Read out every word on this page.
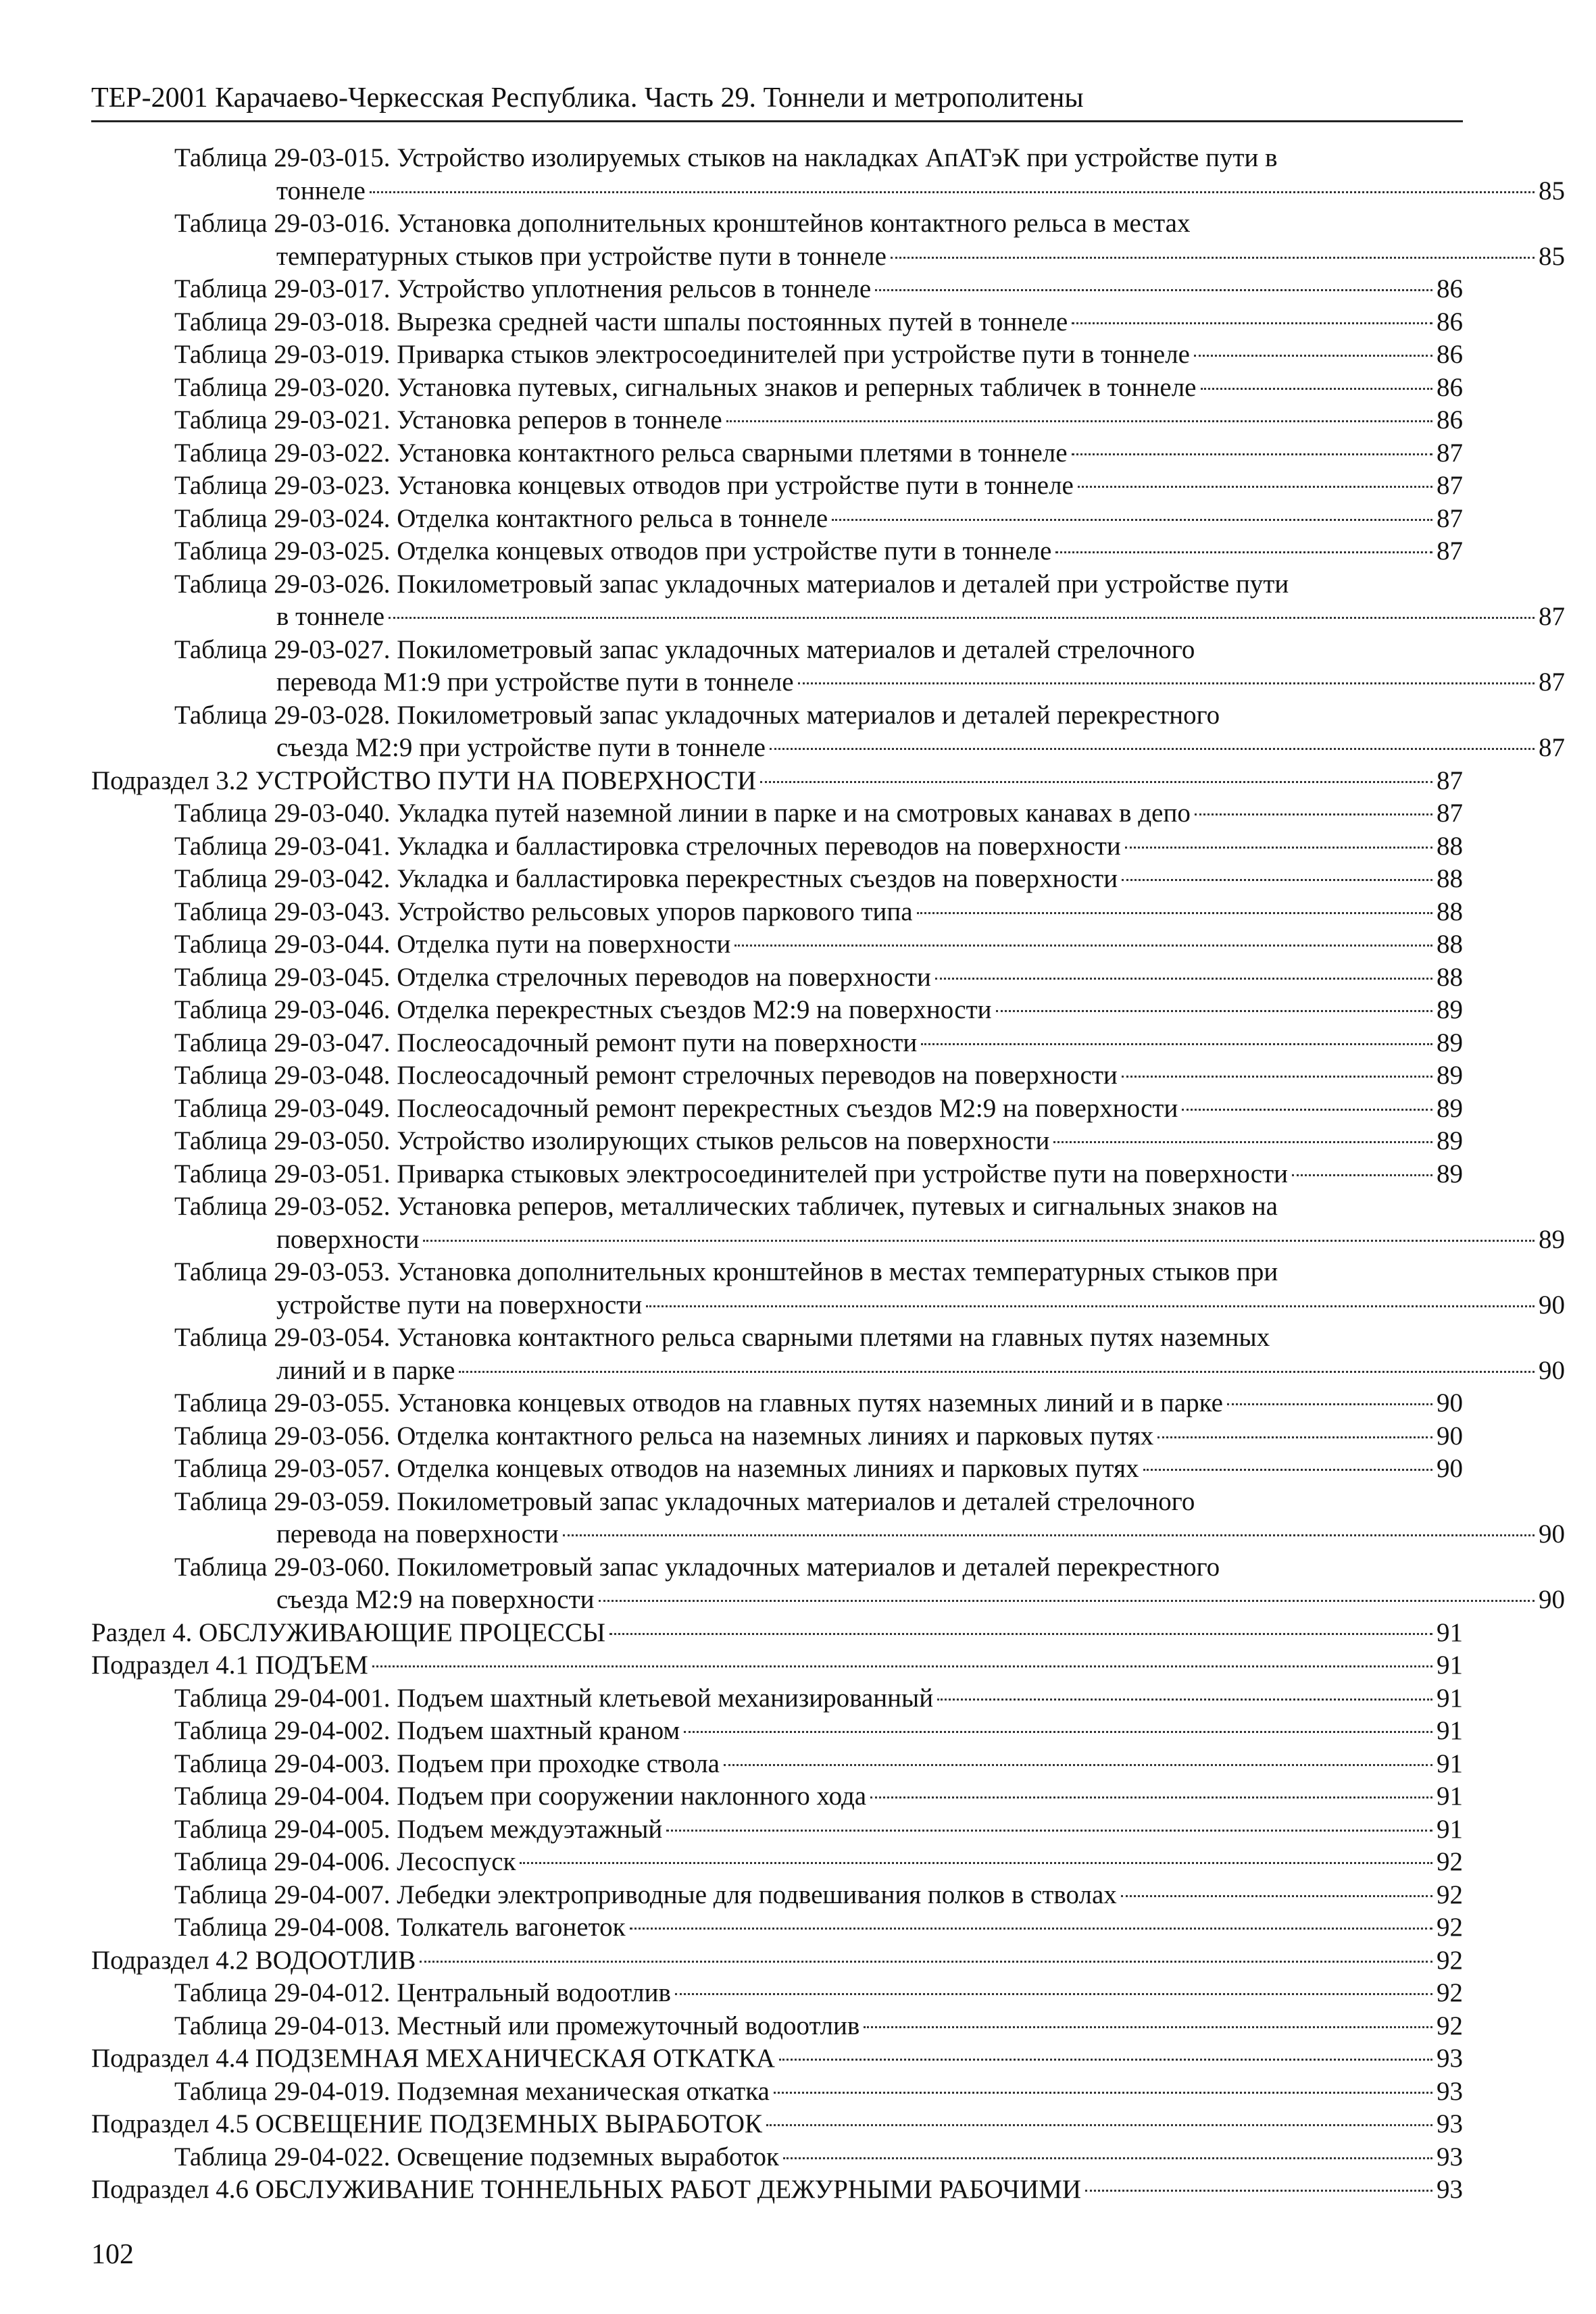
ТЕР-2001 Карачаево-Черкесская Республика. Часть 29. Тоннели и метрополитены
Таблица 29-03-015. Устройство изолируемых стыков на накладках АпАТэК при устройстве пути в
тоннеле	85
Таблица 29-03-016. Установка дополнительных кронштейнов контактного рельса в местах
температурных стыков при устройстве пути в тоннеле	85
Таблица 29-03-017. Устройство уплотнения рельсов в тоннеле	86
Таблица 29-03-018. Вырезка средней части шпалы постоянных путей в тоннеле	86
Таблица 29-03-019. Приварка стыков электросоединителей при устройстве пути в тоннеле	86
Таблица 29-03-020. Установка путевых, сигнальных знаков и реперных табличек в тоннеле	86
Таблица 29-03-021. Установка реперов в тоннеле	86
Таблица 29-03-022. Установка контактного рельса сварными плетями в тоннеле	87
Таблица 29-03-023. Установка концевых отводов при устройстве пути в тоннеле	87
Таблица 29-03-024. Отделка контактного рельса в тоннеле	87
Таблица 29-03-025. Отделка концевых отводов при устройстве пути в тоннеле	87
Таблица 29-03-026. Покилометровый запас укладочных материалов и деталей при устройстве пути
в тоннеле	87
Таблица 29-03-027. Покилометровый запас укладочных материалов и деталей стрелочного
перевода М1:9 при устройстве пути в тоннеле	87
Таблица 29-03-028. Покилометровый запас укладочных материалов и деталей перекрестного
съезда М2:9 при устройстве пути в тоннеле	87
Подраздел 3.2 УСТРОЙСТВО ПУТИ НА ПОВЕРХНОСТИ	87
Таблица 29-03-040. Укладка путей наземной линии в парке и на смотровых канавах в депо	87
Таблица 29-03-041. Укладка и балластировка стрелочных переводов на поверхности	88
Таблица 29-03-042. Укладка и балластировка перекрестных съездов на поверхности	88
Таблица 29-03-043. Устройство рельсовых упоров паркового типа	88
Таблица 29-03-044. Отделка пути на поверхности	88
Таблица 29-03-045. Отделка стрелочных переводов на поверхности	88
Таблица 29-03-046. Отделка перекрестных съездов М2:9 на поверхности	89
Таблица 29-03-047. Послеосадочный ремонт пути на поверхности	89
Таблица 29-03-048. Послеосадочный ремонт стрелочных переводов на поверхности	89
Таблица 29-03-049. Послеосадочный ремонт перекрестных съездов М2:9 на поверхности	89
Таблица 29-03-050. Устройство изолирующих стыков рельсов на поверхности	89
Таблица 29-03-051. Приварка стыковых электросоединителей при устройстве пути на поверхности	89
Таблица 29-03-052. Установка реперов, металлических табличек, путевых и сигнальных знаков на
поверхности	89
Таблица 29-03-053. Установка дополнительных кронштейнов в местах температурных стыков при
устройстве пути на поверхности	90
Таблица 29-03-054. Установка контактного рельса сварными плетями на главных путях наземных
линий и в парке	90
Таблица 29-03-055. Установка концевых отводов на главных путях наземных линий и в парке	90
Таблица 29-03-056. Отделка контактного рельса на наземных линиях и парковых путях	90
Таблица 29-03-057. Отделка концевых отводов на наземных линиях и парковых путях	90
Таблица 29-03-059. Покилометровый запас укладочных материалов и деталей стрелочного
перевода на поверхности	90
Таблица 29-03-060. Покилометровый запас укладочных материалов и деталей перекрестного
съезда М2:9 на поверхности	90
Раздел 4. ОБСЛУЖИВАЮЩИЕ ПРОЦЕССЫ	91
Подраздел 4.1 ПОДЪЕМ	91
Таблица 29-04-001. Подъем шахтный клетьевой механизированный	91
Таблица 29-04-002. Подъем шахтный краном	91
Таблица 29-04-003. Подъем при проходке ствола	91
Таблица 29-04-004. Подъем при сооружении наклонного хода	91
Таблица 29-04-005. Подъем междуэтажный	91
Таблица 29-04-006. Лесоспуск	92
Таблица 29-04-007. Лебедки электроприводные для подвешивания полков в стволах	92
Таблица 29-04-008. Толкатель вагонеток	92
Подраздел 4.2 ВОДООТЛИВ	92
Таблица 29-04-012. Центральный водоотлив	92
Таблица 29-04-013. Местный или промежуточный водоотлив	92
Подраздел 4.4 ПОДЗЕМНАЯ МЕХАНИЧЕСКАЯ ОТКАТКА	93
Таблица 29-04-019. Подземная механическая откатка	93
Подраздел 4.5 ОСВЕЩЕНИЕ ПОДЗЕМНЫХ ВЫРАБОТОК	93
Таблица 29-04-022. Освещение подземных выработок	93
Подраздел 4.6 ОБСЛУЖИВАНИЕ ТОННЕЛЬНЫХ РАБОТ ДЕЖУРНЫМИ РАБОЧИМИ	93
102
